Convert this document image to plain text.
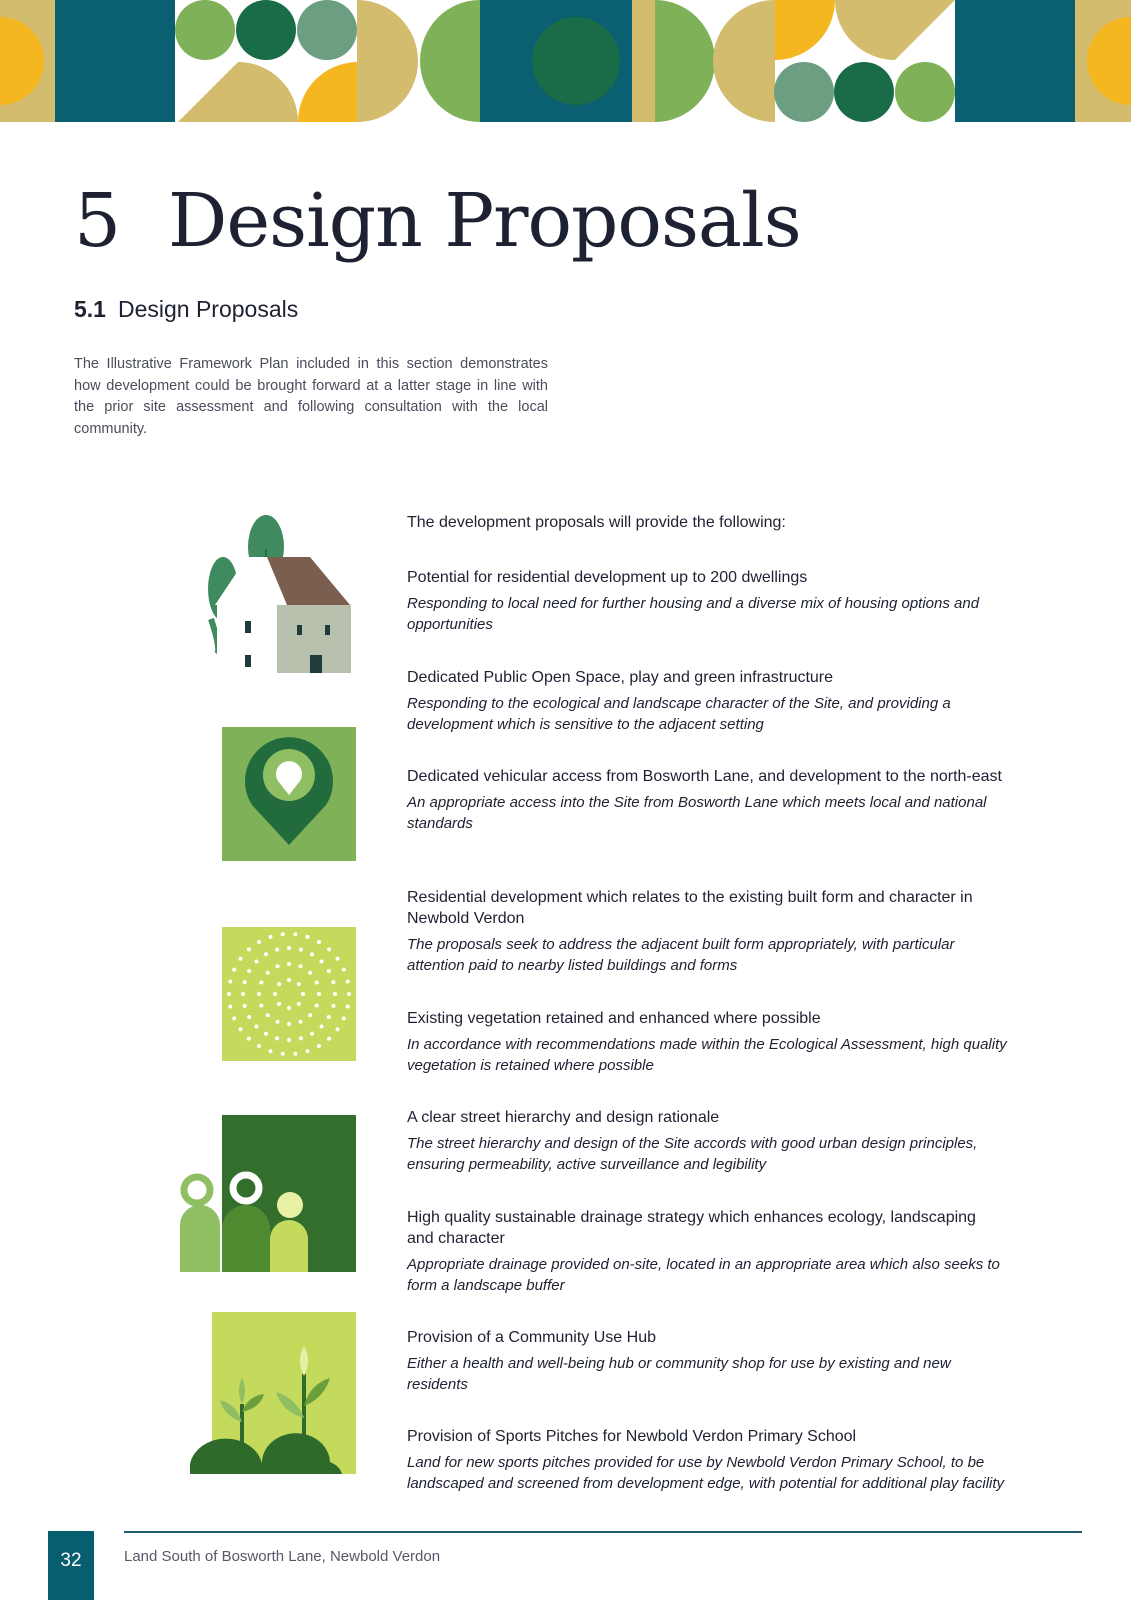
5 Design Proposals
5.1 Design Proposals

The Illustrative Framework Plan included in this section demonstrates how development could be brought forward at a latter stage in line with the prior site assessment and following consultation with the local community.

The development proposals will provide the following:

Potential for residential development up to 200 dwellings

Responding to local need for further housing and a diverse mix of housing options and opportunities

Dedicated Public Open Space, play and green infrastructure

Responding to the ecological and landscape character of the Site, and providing a development which is sensitive to the adjacent setting

Dedicated vehicular access from Bosworth Lane, and development to the north-east

An appropriate access into the Site from Bosworth Lane which meets local and national standards

Residential development which relates to the existing built form and character in Newbold Verdon

The proposals seek to address the adjacent built form appropriately, with particular attention paid to nearby listed buildings and forms

Existing vegetation retained and enhanced where possible

In accordance with recommendations made within the Ecological Assessment, high quality vegetation is retained where possible

A clear street hierarchy and design rationale

The street hierarchy and design of the Site accords with good urban design principles, ensuring permeability, active surveillance and legibility

High quality sustainable drainage strategy which enhances ecology, landscaping and character

Appropriate drainage provided on-site, located in an appropriate area which also seeks to form a landscape buffer

Provision of a Community Use Hub

Either a health and well-being hub or community shop for use by existing and new residents

Provision of Sports Pitches for Newbold Verdon Primary School

Land for new sports pitches provided for use by Newbold Verdon Primary School, to be landscaped and screened from development edge, with potential for additional play facility

32	Land South of Bosworth Lane, Newbold Verdon
